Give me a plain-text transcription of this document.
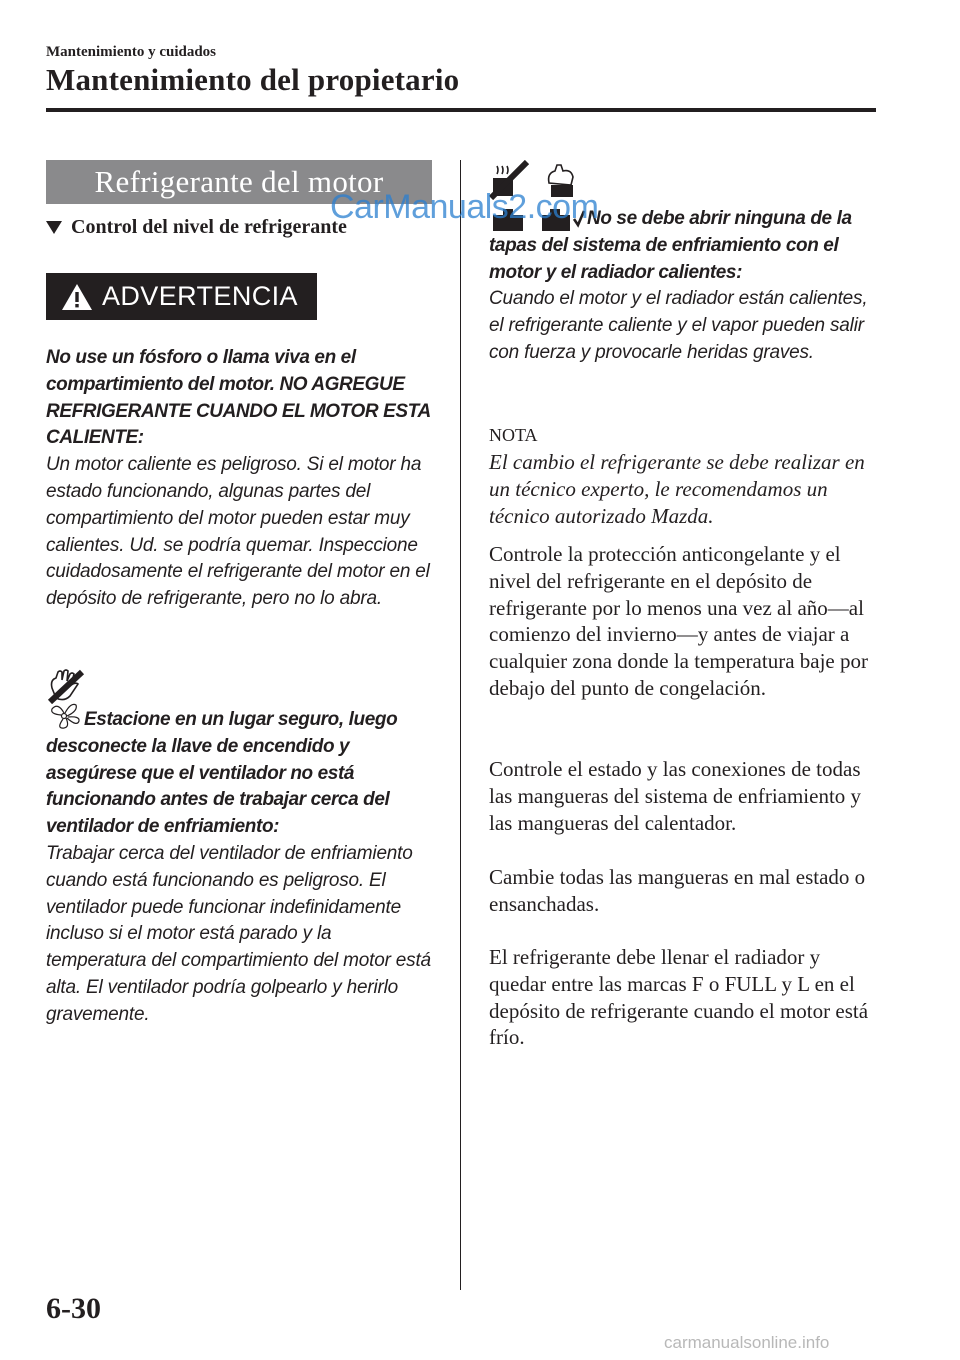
Mantenimiento y cuidados
Mantenimiento del propietario
Refrigerante del motor
Control del nivel de refrigerante
ADVERTENCIA

No use un fósforo o llama viva en el compartimiento del motor. NO AGREGUE REFRIGERANTE CUANDO EL MOTOR ESTA CALIENTE:

Un motor caliente es peligroso. Si el motor ha estado funcionando, algunas partes del compartimiento del motor pueden estar muy calientes. Ud. se podría quemar. Inspeccione cuidadosamente el refrigerante del motor en el depósito de refrigerante, pero no lo abra.

Estacione en un lugar seguro, luego desconecte la llave de encendido y asegúrese que el ventilador no está funcionando antes de trabajar cerca del ventilador de enfriamiento:

Trabajar cerca del ventilador de enfriamiento cuando está funcionando es peligroso. El ventilador puede funcionar indefinidamente incluso si el motor está parado y la temperatura del compartimiento del motor está alta. El ventilador podría golpearlo y herirlo gravemente.

No se debe abrir ninguna de la tapas del sistema de enfriamiento con el motor y el radiador calientes:

Cuando el motor y el radiador están calientes, el refrigerante caliente y el vapor pueden salir con fuerza y provocarle heridas graves.

NOTA
El cambio el refrigerante se debe realizar en un técnico experto, le recomendamos un técnico autorizado Mazda.
Controle la protección anticongelante y el nivel del refrigerante en el depósito de refrigerante por lo menos una vez al año—al comienzo del invierno—y antes de viajar a cualquier zona donde la temperatura baje por debajo del punto de congelación.
Controle el estado y las conexiones de todas las mangueras del sistema de enfriamiento y las mangueras del calentador.
Cambie todas las mangueras en mal estado o ensanchadas.
El refrigerante debe llenar el radiador y quedar entre las marcas F o FULL y L en el depósito de refrigerante cuando el motor está frío.
CarManuals2.com
6-30
carmanualsonline.info
